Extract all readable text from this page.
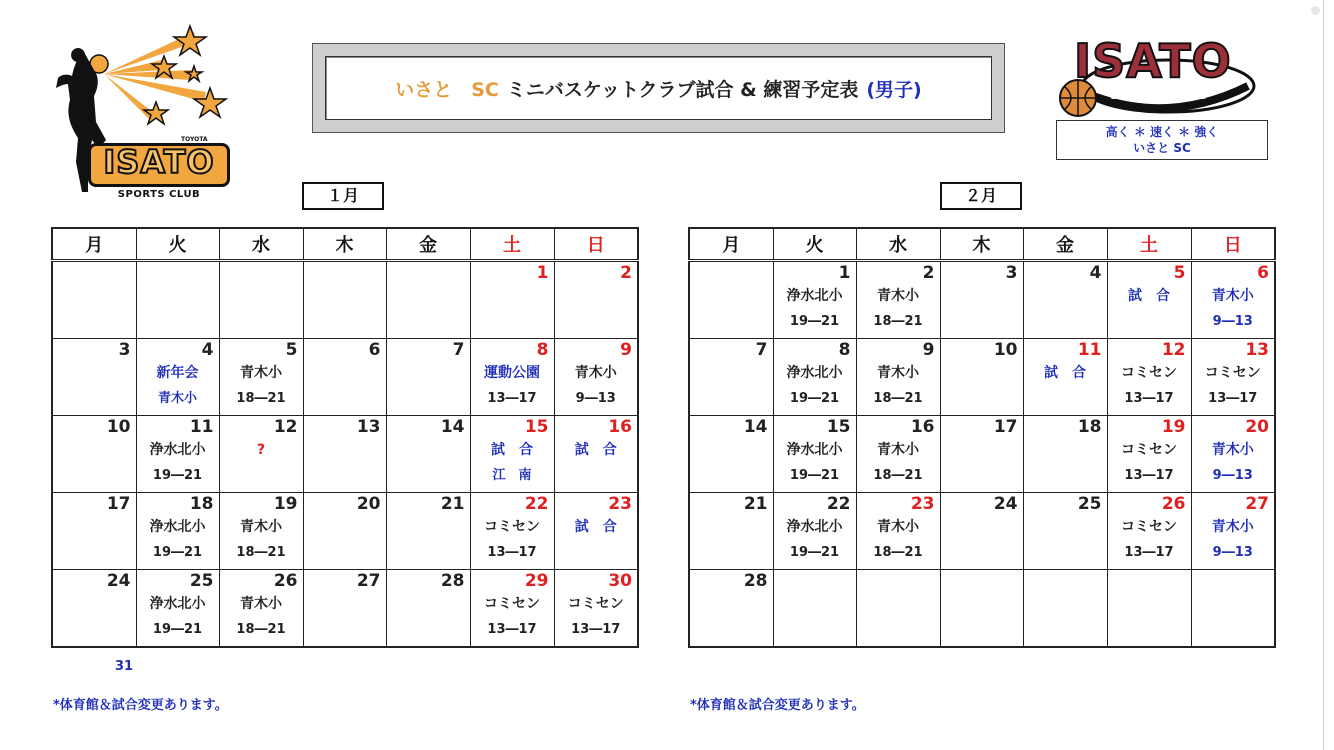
TOYOTA
ISATO
SPORTS CLUB
いさと　SC ミニバスケットクラブ試合 & 練習予定表 (男子)
ISATO
SPORTSCLUB
高く ＊ 速く ＊ 強く
いさと SC
１月	２月
月	火	水	木	金	土	日

					1	2

3	4
新年会
青木小	5
青木小
18―21	6	7	8
運動公園
13―17	9
青木小
9―13

10	11
浄水北小
19―21	12
?	13	14	15
試　合
江　南	16
試　合

17	18
浄水北小
19―21	19
青木小
18―21	20	21	22
コミセン
13―17	23
試　合

24	25
浄水北小
19―21	26
青木小
18―21	27	28	29
コミセン
13―17	30
コミセン
13―17
月	火	水	木	金	土	日

	1
浄水北小
19―21	2
青木小
18―21	3	4	5
試　合	6
青木小
9―13

7	8
浄水北小
19―21	9
青木小
18―21	10	11
試　合	12
コミセン
13―17	13
コミセン
13―17

14	15
浄水北小
19―21	16
青木小
18―21	17	18	19
コミセン
13―17	20
青木小
9―13

21	22
浄水北小
19―21	23
青木小
18―21	24	25	26
コミセン
13―17	27
青木小
9―13

28						

31
*体育館＆試合変更あります。	*体育館＆試合変更あります。
